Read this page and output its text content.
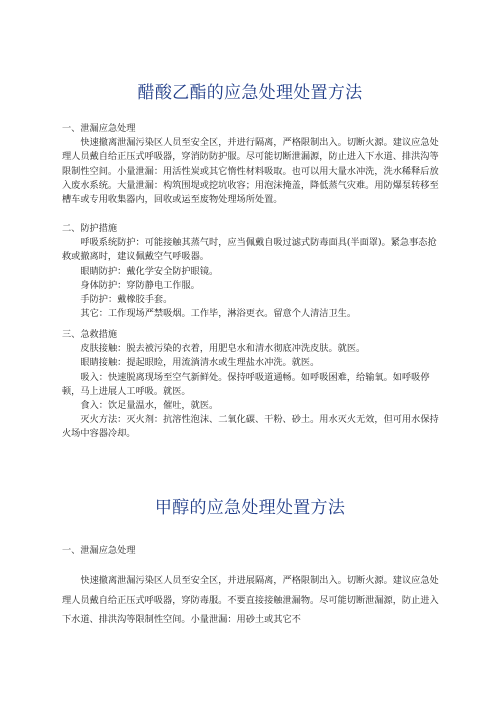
醋酸乙酯的应急处理处置方法

一、泄漏应急处理

快速撤离泄漏污染区人员至安全区，并进行隔离，严格限制出入。切断火源。建议应急处理人员戴自给正压式呼吸器，穿消防防护服。尽可能切断泄漏源，防止进入下水道、排洪沟等限制性空间。小量泄漏：用活性炭或其它惰性材料吸取。也可以用大量水冲洗，洗水稀释后放入废水系统。大量泄漏：构筑围堤或挖坑收容；用泡沫掩盖，降低蒸气灾难。用防爆泵转移至槽车或专用收集器内，回收或运至废物处理场所处置。

二、防护措施

呼吸系统防护：可能接触其蒸气时，应当佩戴自吸过滤式防毒面具(半面罩)。紧急事态抢救或撤离时，建议佩戴空气呼吸器。

眼睛防护：戴化学安全防护眼镜。

身体防护：穿防静电工作服。

手防护：戴橡胶手套。

其它：工作现场严禁吸烟。工作毕，淋浴更衣。留意个人清洁卫生。

三、急救措施

皮肤接触：脱去被污染的衣着，用肥皂水和清水彻底冲洗皮肤。就医。

眼睛接触：提起眼睑，用流淌清水或生理盐水冲洗。就医。

吸入：快速脱离现场至空气新鲜处。保持呼吸道通畅。如呼吸困难，给输氧。如呼吸停顿，马上进展人工呼吸。就医。

食入：饮足量温水，催吐，就医。

灭火方法：灭火剂：抗溶性泡沫、二氧化碳、干粉、砂土。用水灭火无效，但可用水保持火场中容器冷却。

甲醇的应急处理处置方法
一、泄漏应急处理

快速撤离泄漏污染区人员至安全区，并进展隔离，严格限制出入。切断火源。建议应急处理人员戴自给正压式呼吸器，穿防毒服。不要直接接触泄漏物。尽可能切断泄漏源，防止进入下水道、排洪沟等限制性空间。小量泄漏：用砂土或其它不
